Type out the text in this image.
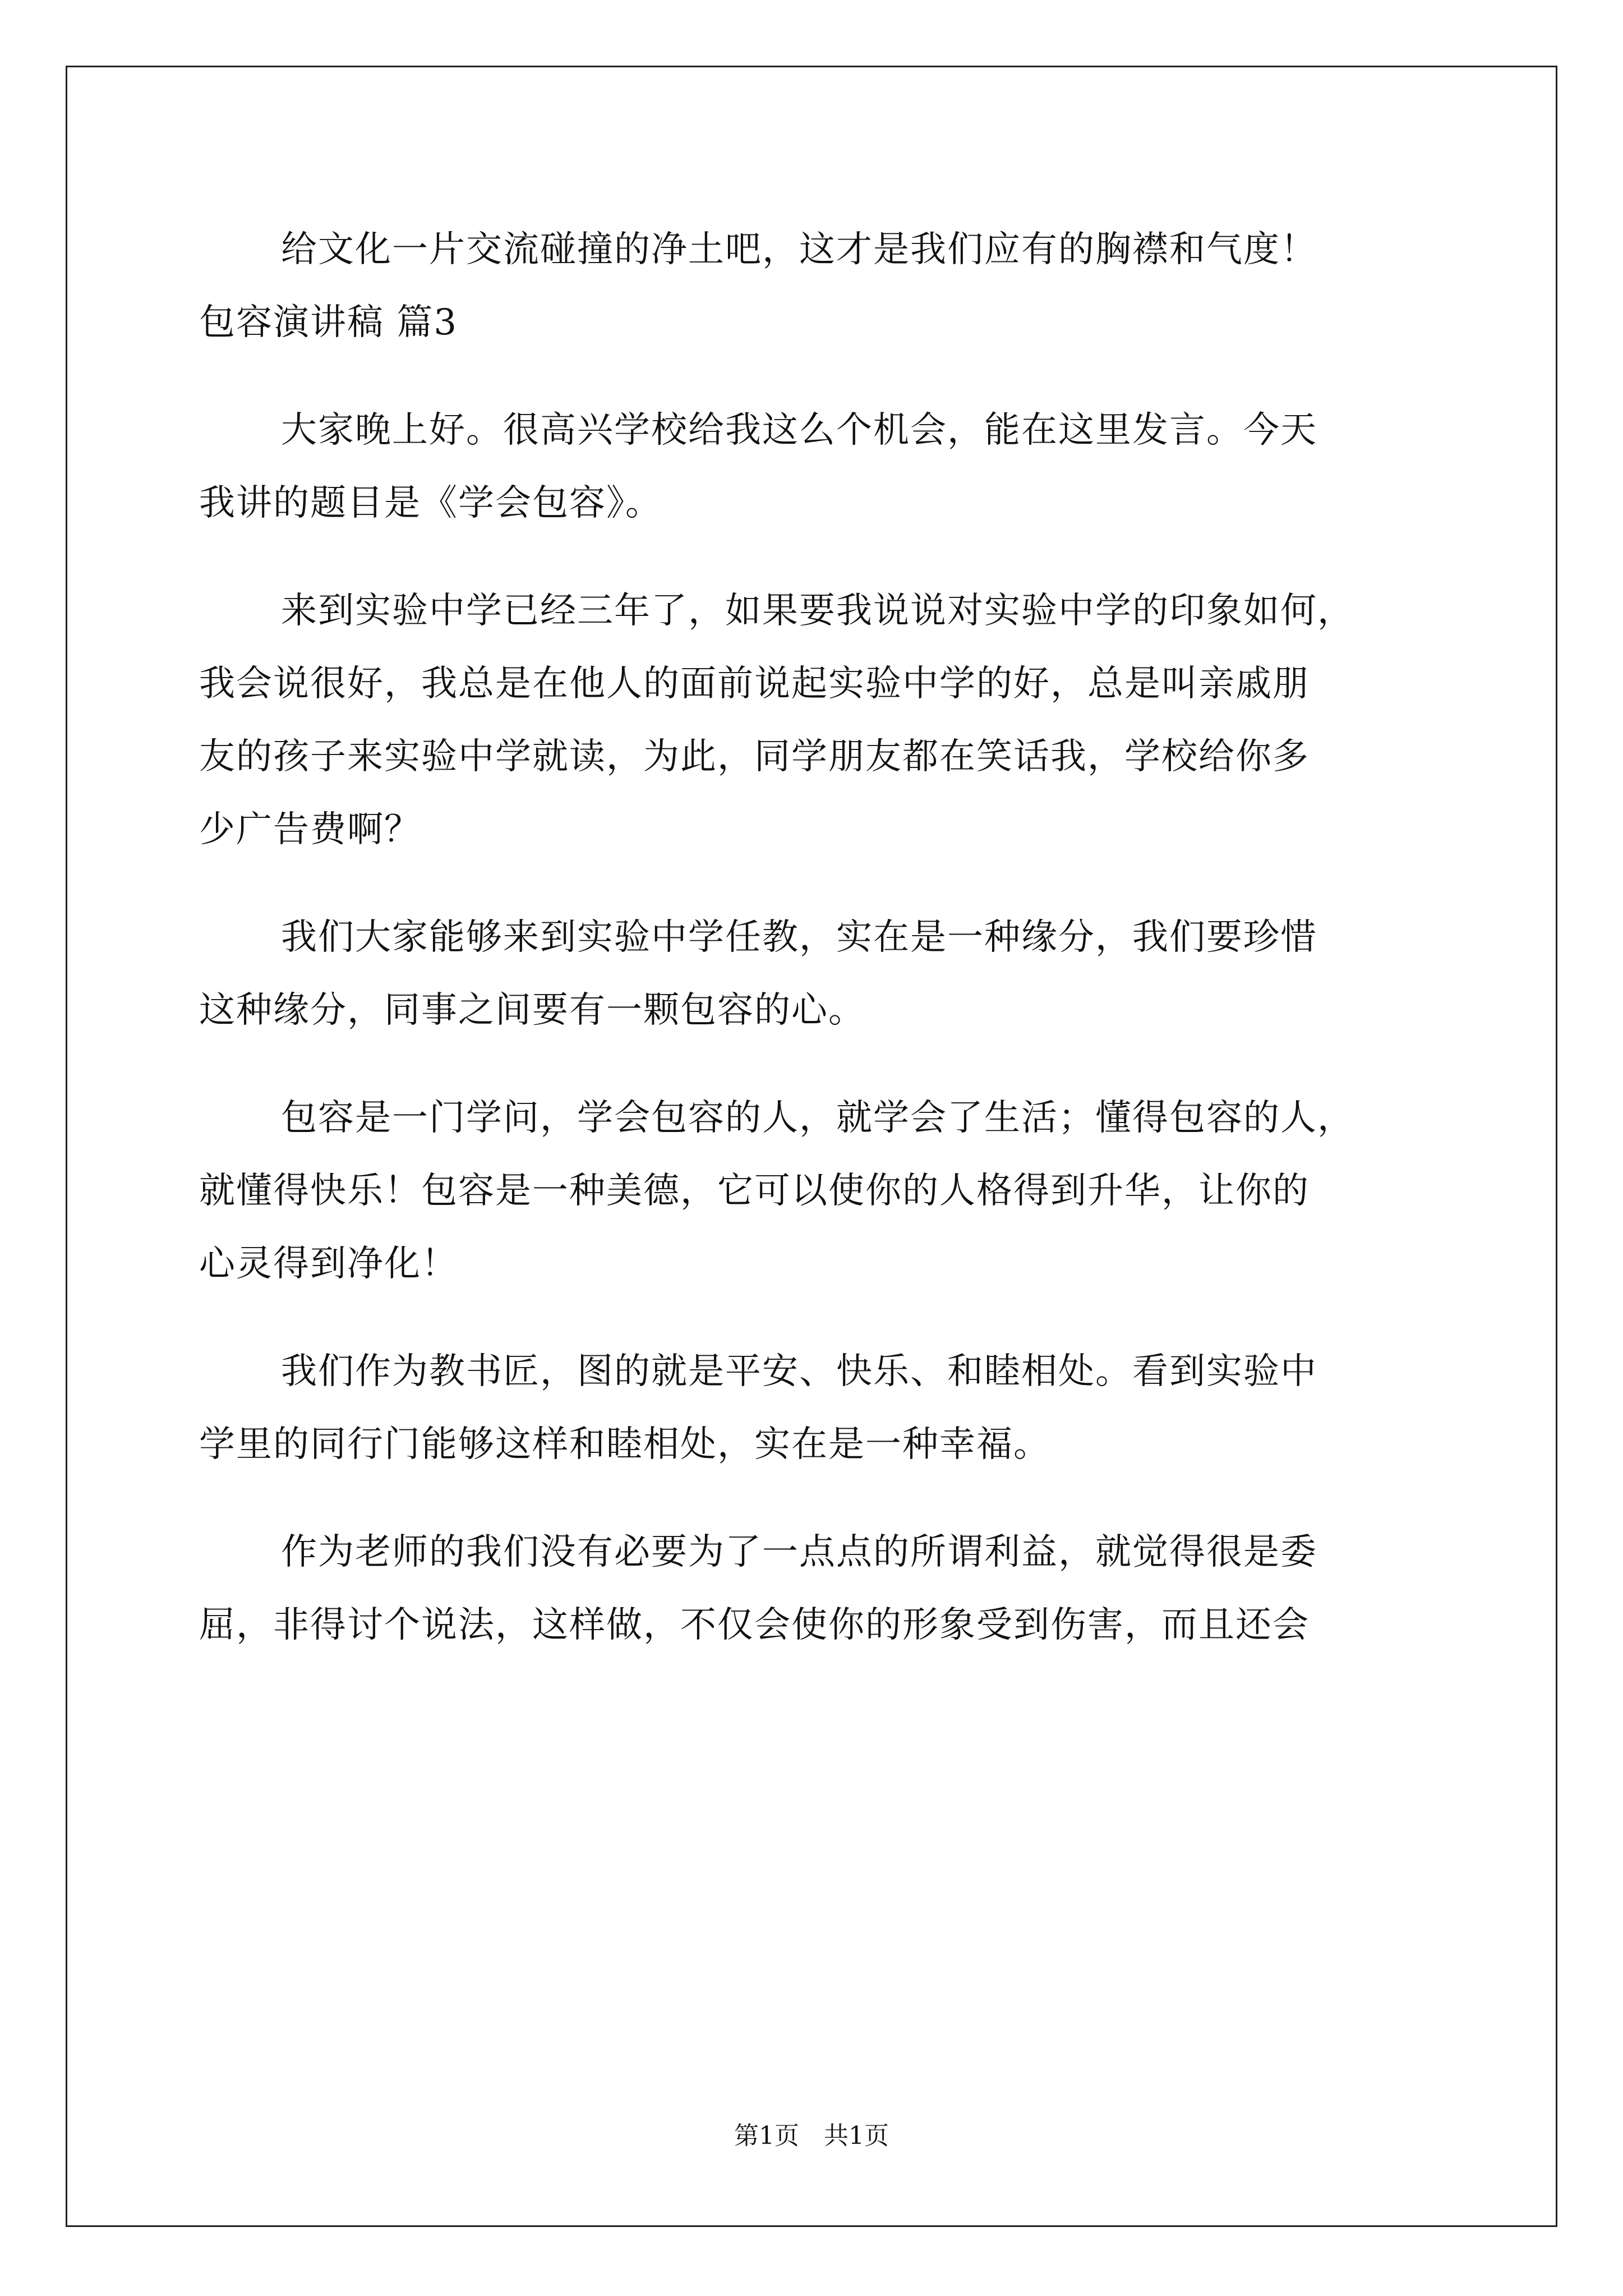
给文化一片交流碰撞的净土吧，这才是我们应有的胸襟和气度！
包容演讲稿 篇3
大家晚上好。很高兴学校给我这么个机会，能在这里发言。今天
我讲的题目是《学会包容》。
来到实验中学已经三年了，如果要我说说对实验中学的印象如何，
我会说很好，我总是在他人的面前说起实验中学的好，总是叫亲戚朋
友的孩子来实验中学就读，为此，同学朋友都在笑话我，学校给你多
少广告费啊？
我们大家能够来到实验中学任教，实在是一种缘分，我们要珍惜
这种缘分，同事之间要有一颗包容的心。
包容是一门学问，学会包容的人，就学会了生活；懂得包容的人，
就懂得快乐！包容是一种美德，它可以使你的人格得到升华，让你的
心灵得到净化！
我们作为教书匠，图的就是平安、快乐、和睦相处。看到实验中
学里的同行门能够这样和睦相处，实在是一种幸福。
作为老师的我们没有必要为了一点点的所谓利益，就觉得很是委
屈，非得讨个说法，这样做，不仅会使你的形象受到伤害，而且还会
第1页　共1页
